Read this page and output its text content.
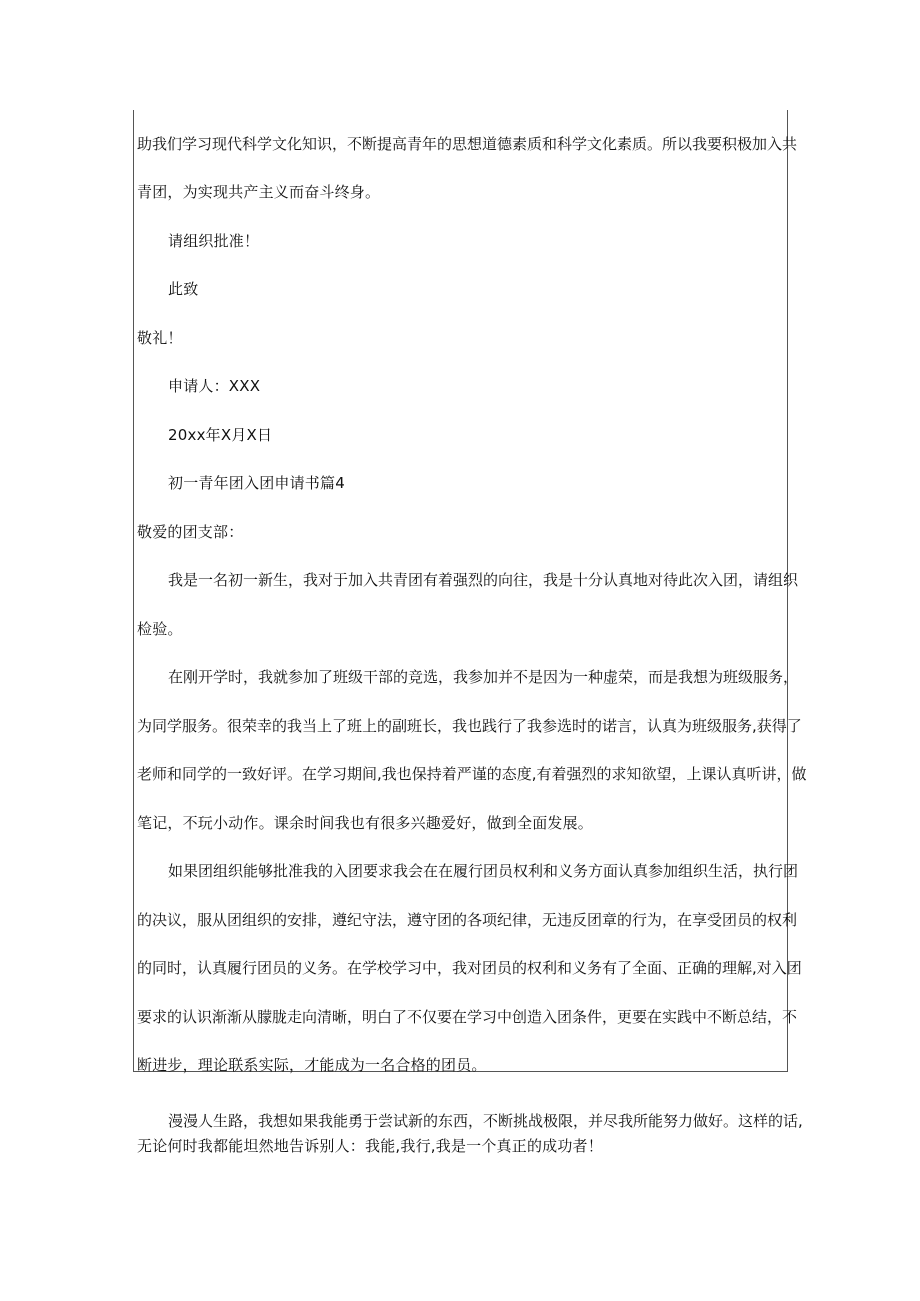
助我们学习现代科学文化知识，不断提高青年的思想道德素质和科学文化素质。所以我要积极加入共
青团，为实现共产主义而奋斗终身。
请组织批准！
此致
敬礼！
申请人：XXX
20xx年X月X日
初一青年团入团申请书篇4
敬爱的团支部：
我是一名初一新生，我对于加入共青团有着强烈的向往，我是十分认真地对待此次入团，请组织
检验。
在刚开学时，我就参加了班级干部的竞选，我参加并不是因为一种虚荣，而是我想为班级服务，
为同学服务。很荣幸的我当上了班上的副班长，我也践行了我参选时的诺言，认真为班级服务,获得了
老师和同学的一致好评。在学习期间,我也保持着严谨的态度,有着强烈的求知欲望，上课认真听讲，做
笔记，不玩小动作。课余时间我也有很多兴趣爱好，做到全面发展。
如果团组织能够批准我的入团要求我会在在履行团员权利和义务方面认真参加组织生活，执行团
的决议，服从团组织的安排，遵纪守法，遵守团的各项纪律，无违反团章的行为，在享受团员的权利
的同时，认真履行团员的义务。在学校学习中，我对团员的权利和义务有了全面、正确的理解,对入团
要求的认识渐渐从朦胧走向清晰，明白了不仅要在学习中创造入团条件，更要在实践中不断总结，不
断进步，理论联系实际，才能成为一名合格的团员。
漫漫人生路，我想如果我能勇于尝试新的东西，不断挑战极限，并尽我所能努力做好。这样的话,
无论何时我都能坦然地告诉别人：我能,我行,我是一个真正的成功者！
